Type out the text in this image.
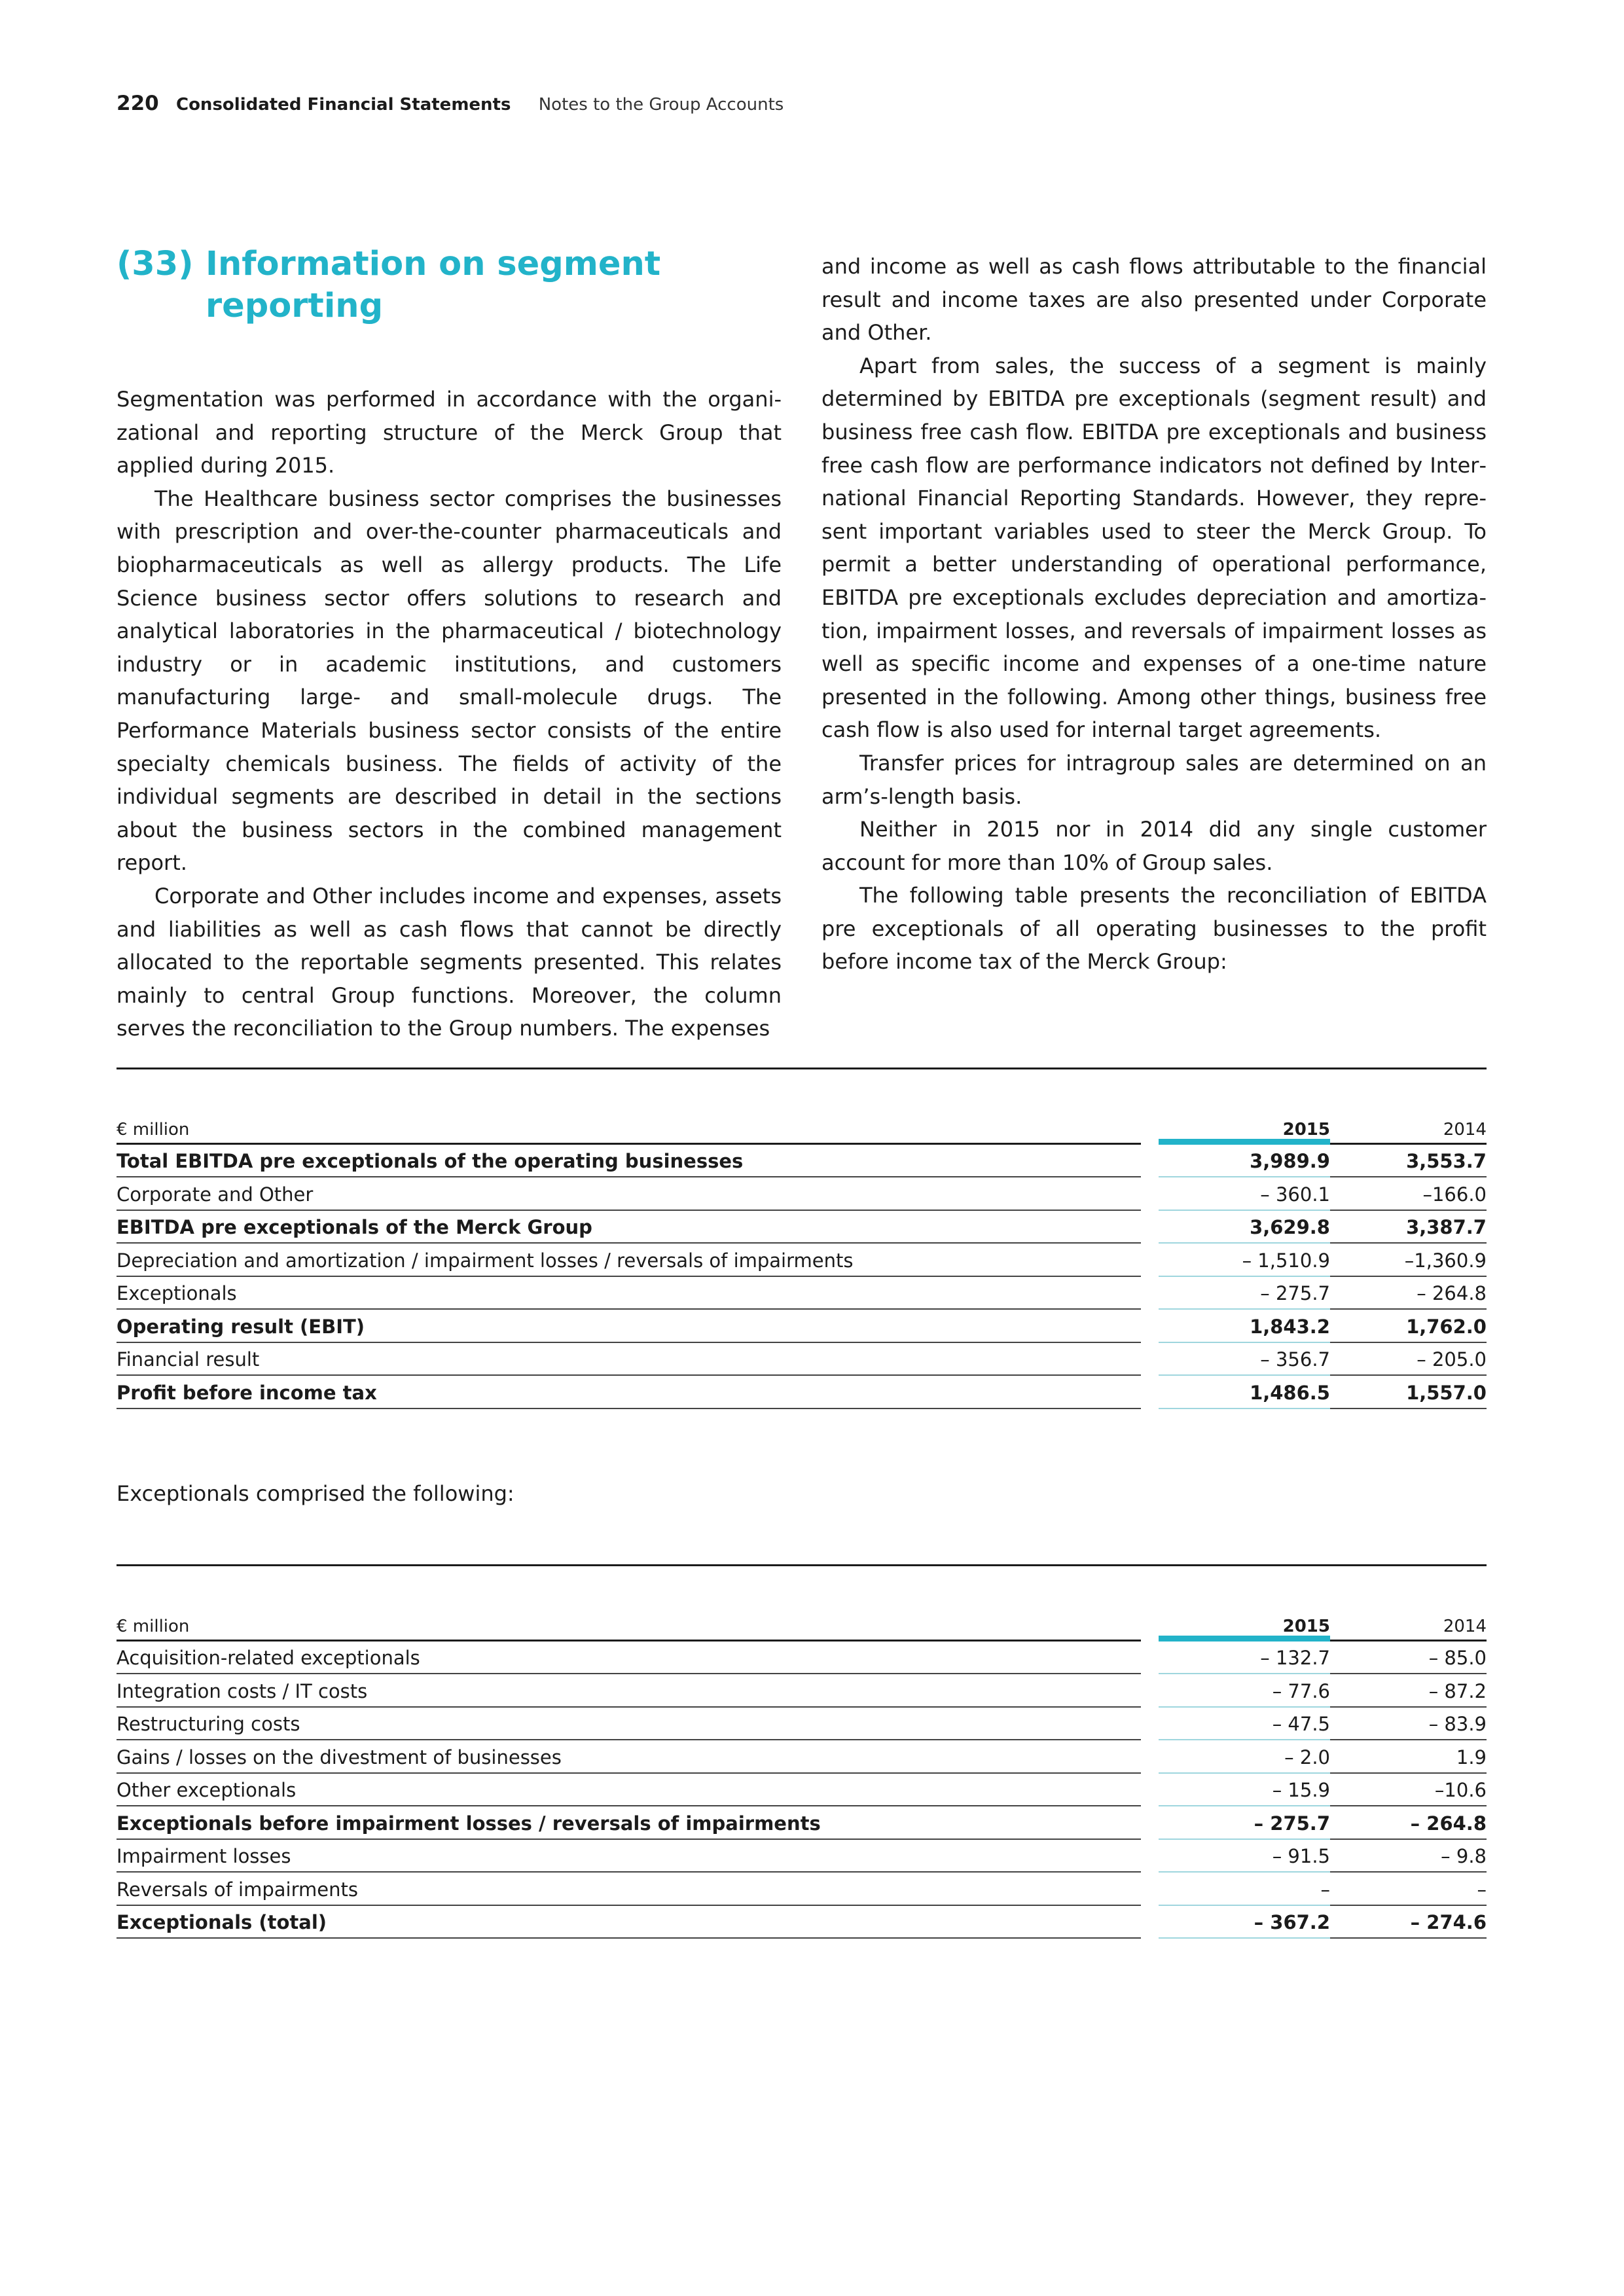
220 Consolidated Financial Statements Notes to the Group Accounts
(33) Information on segment reporting

Segmentation was performed in accordance with the organizational and reporting structure of the Merck Group that applied during 2015.

The Healthcare business sector comprises the businesses with prescription and over-the-counter pharmaceuticals and biopharmaceuticals as well as allergy products. The Life Science business sector offers solutions to research and analytical laboratories in the pharmaceutical / biotechnology industry or in academic institutions, and customers manufacturing large- and small-molecule drugs. The Performance Materials business sector consists of the entire specialty chemicals business. The fields of activity of the individual segments are described in detail in the sections about the business sectors in the combined management report.

Corporate and Other includes income and expenses, assets and liabilities as well as cash flows that cannot be directly allocated to the reportable segments presented. This relates mainly to central Group functions. Moreover, the column serves the reconciliation to the Group numbers. The expenses

and income as well as cash flows attributable to the financial result and income taxes are also presented under Corporate and Other.

Apart from sales, the success of a segment is mainly determined by EBITDA pre exceptionals (segment result) and business free cash flow. EBITDA pre exceptionals and business free cash flow are performance indicators not defined by International Financial Reporting Standards. However, they represent important variables used to steer the Merck Group. To permit a better understanding of operational performance, EBITDA pre exceptionals excludes depreciation and amortization, impairment losses, and reversals of impairment losses as well as specific income and expenses of a one-time nature presented in the following. Among other things, business free cash flow is also used for internal target agreements.

Transfer prices for intragroup sales are determined on an arm’s-length basis.

Neither in 2015 nor in 2014 did any single customer account for more than 10% of Group sales.

The following table presents the reconciliation of EBITDA pre exceptionals of all operating businesses to the profit before income tax of the Merck Group:

€ million	2015	2014
Total EBITDA pre exceptionals of the operating businesses	3,989.9	3,553.7
Corporate and Other	– 360.1	–166.0
EBITDA pre exceptionals of the Merck Group	3,629.8	3,387.7
Depreciation and amortization / impairment losses / reversals of impairments	– 1,510.9	–1,360.9
Exceptionals	– 275.7	– 264.8
Operating result (EBIT)	1,843.2	1,762.0
Financial result	– 356.7	– 205.0
Profit before income tax	1,486.5	1,557.0
Exceptionals comprised the following:
€ million	2015	2014
Acquisition-related exceptionals	– 132.7	– 85.0
Integration costs / IT costs	– 77.6	– 87.2
Restructuring costs	– 47.5	– 83.9
Gains / losses on the divestment of businesses	– 2.0	1.9
Other exceptionals	– 15.9	–10.6
Exceptionals before impairment losses / reversals of impairments	– 275.7	– 264.8
Impairment losses	– 91.5	– 9.8
Reversals of impairments	–	–
Exceptionals (total)	– 367.2	– 274.6
